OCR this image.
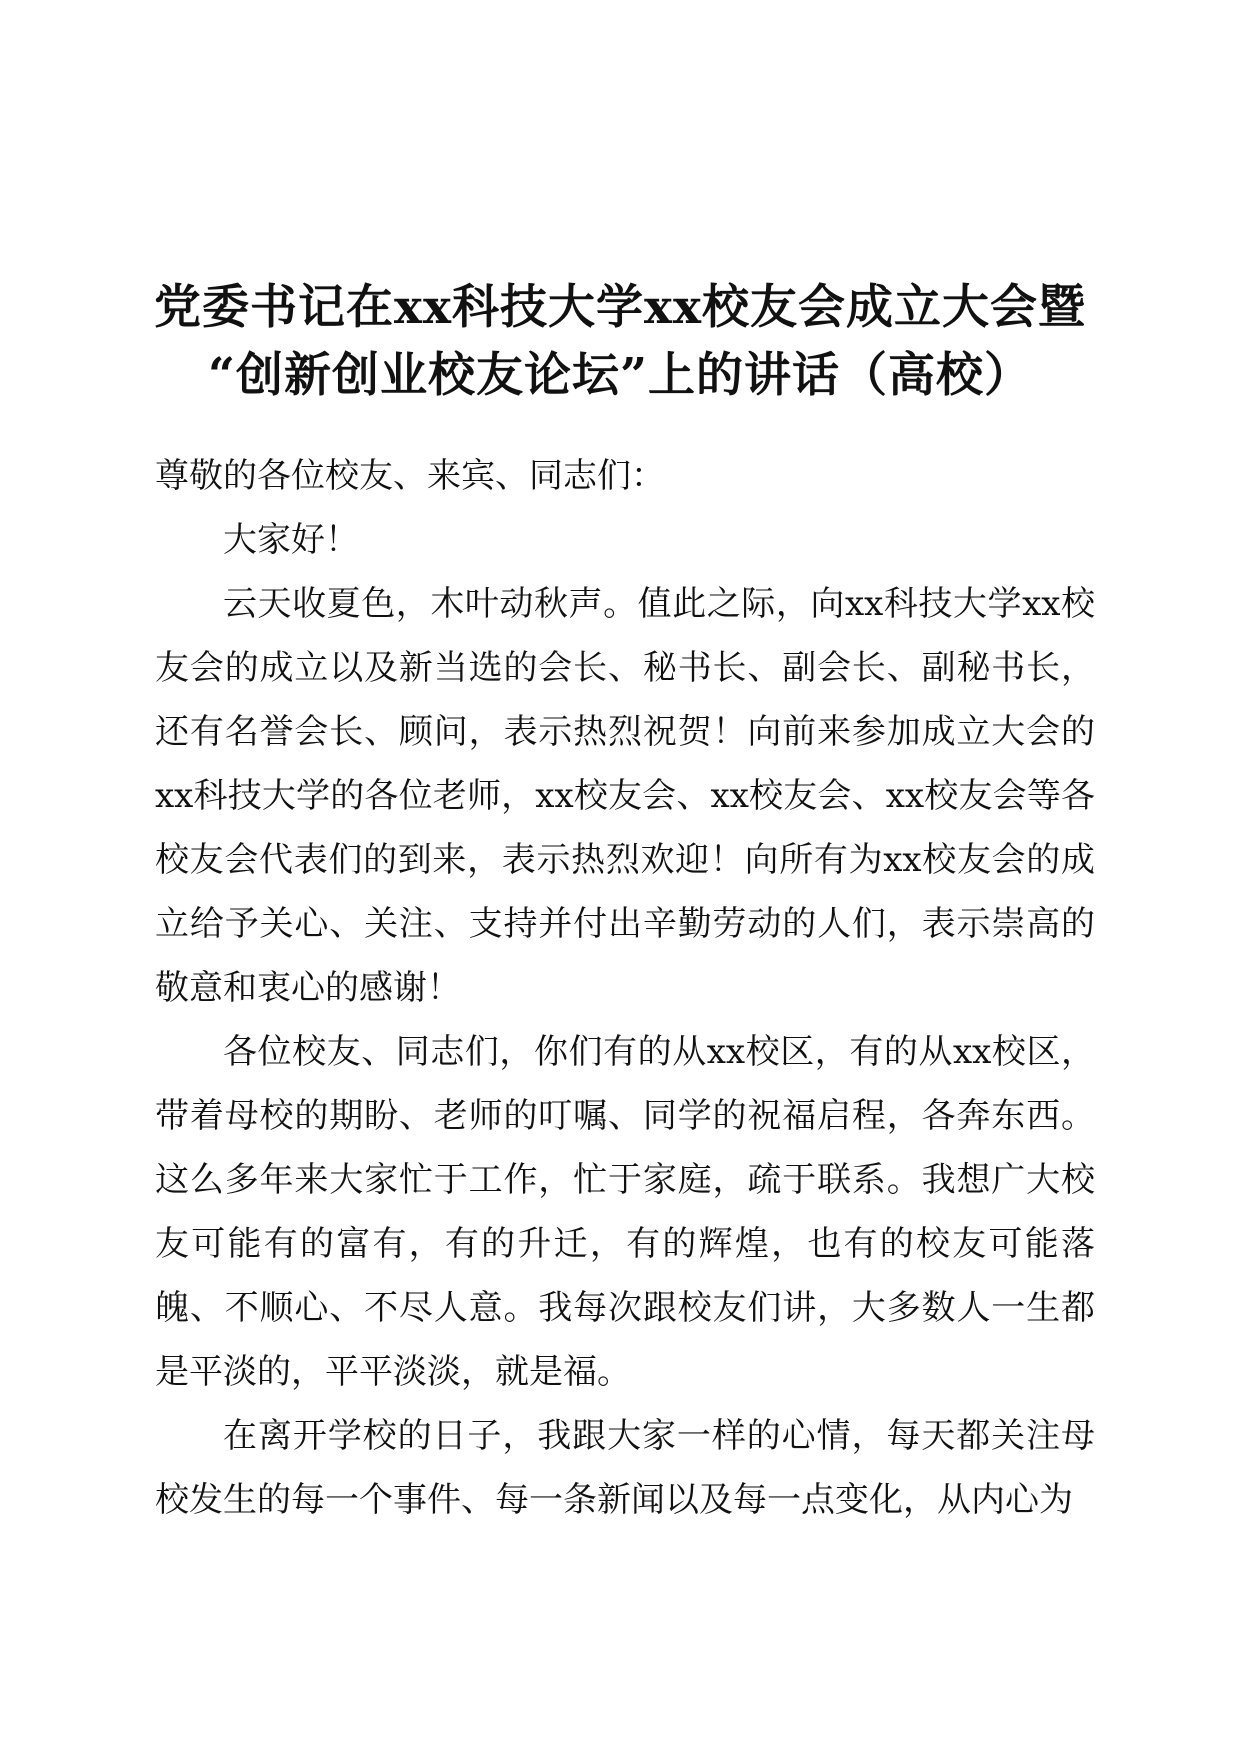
党委书记在xx科技大学xx校友会成立大会暨
“创新创业校友论坛”上的讲话（高校）

尊敬的各位校友、来宾、同志们：

大家好！

云天收夏色，木叶动秋声。值此之际，向xx科技大学xx校友会的成立以及新当选的会长、秘书长、副会长、副秘书长，还有名誉会长、顾问，表示热烈祝贺！向前来参加成立大会的xx科技大学的各位老师，xx校友会、xx校友会、xx校友会等各校友会代表们的到来，表示热烈欢迎！向所有为xx校友会的成立给予关心、关注、支持并付出辛勤劳动的人们，表示崇高的敬意和衷心的感谢！

各位校友、同志们，你们有的从xx校区，有的从xx校区，带着母校的期盼、老师的叮嘱、同学的祝福启程，各奔东西。这么多年来大家忙于工作，忙于家庭，疏于联系。我想广大校友可能有的富有，有的升迁，有的辉煌，也有的校友可能落魄、不顺心、不尽人意。我每次跟校友们讲，大多数人一生都是平淡的，平平淡淡，就是福。

在离开学校的日子，我跟大家一样的心情，每天都关注母校发生的每一个事件、每一条新闻以及每一点变化，从内心为
